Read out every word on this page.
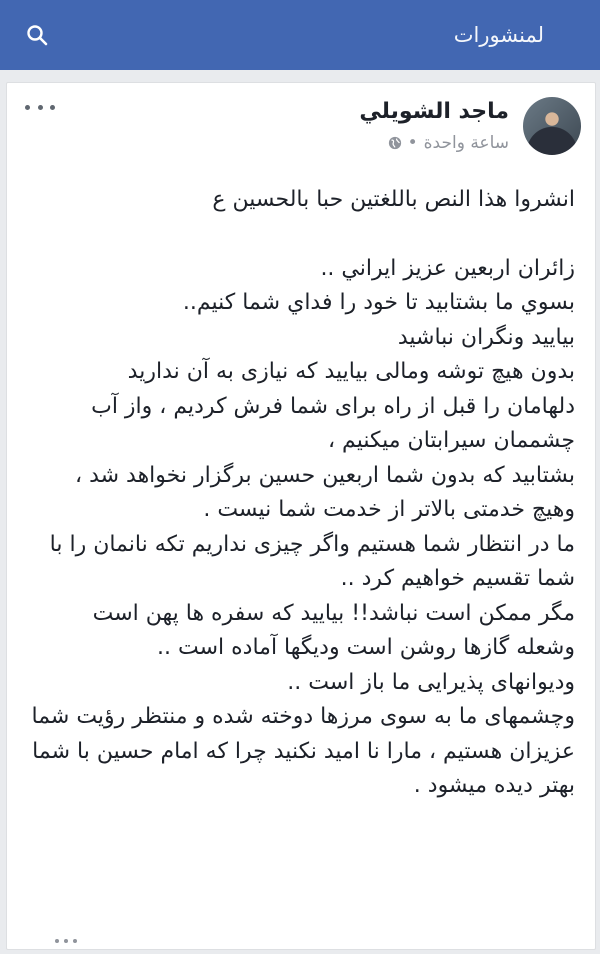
لمنشورات
ماجد الشويلي
ساعة واحدة
•

انشروا هذا النص باللغتين حبا بالحسين ع

زائران اربعين عزيز ايراني ..

بسوي ما بشتابيد تا خود را فداي شما كنيم..

بيايید ونگران نباشيد

بدون هيچ توشه ومالی بیایید که نیازی به آن ندارید

دلهامان را قبل از راه برای شما فرش کردیم ، واز آب چشممان سیرابتان میکنیم ،

بشتابید که بدون شما اربعین حسین برگزار نخواهد شد ،

وهیچ خدمتی بالاتر از خدمت شما نیست .

ما در انتظار شما هستیم واگر چیزی نداریم تکه نانمان را با شما تقسیم خواهیم کرد ..

مگر ممکن است نباشد!! بیایید که سفره ها پهن است وشعله گازها روشن است ودیگها آماده است ..

ودیوانهای پذیرایی ما باز است ..

وچشمهای ما به سوی مرزها دوخته شده و منتظر رؤیت شما عزیزان هستیم ، مارا نا امید نکنید چرا که امام حسین با شما بهتر دیده میشود .
